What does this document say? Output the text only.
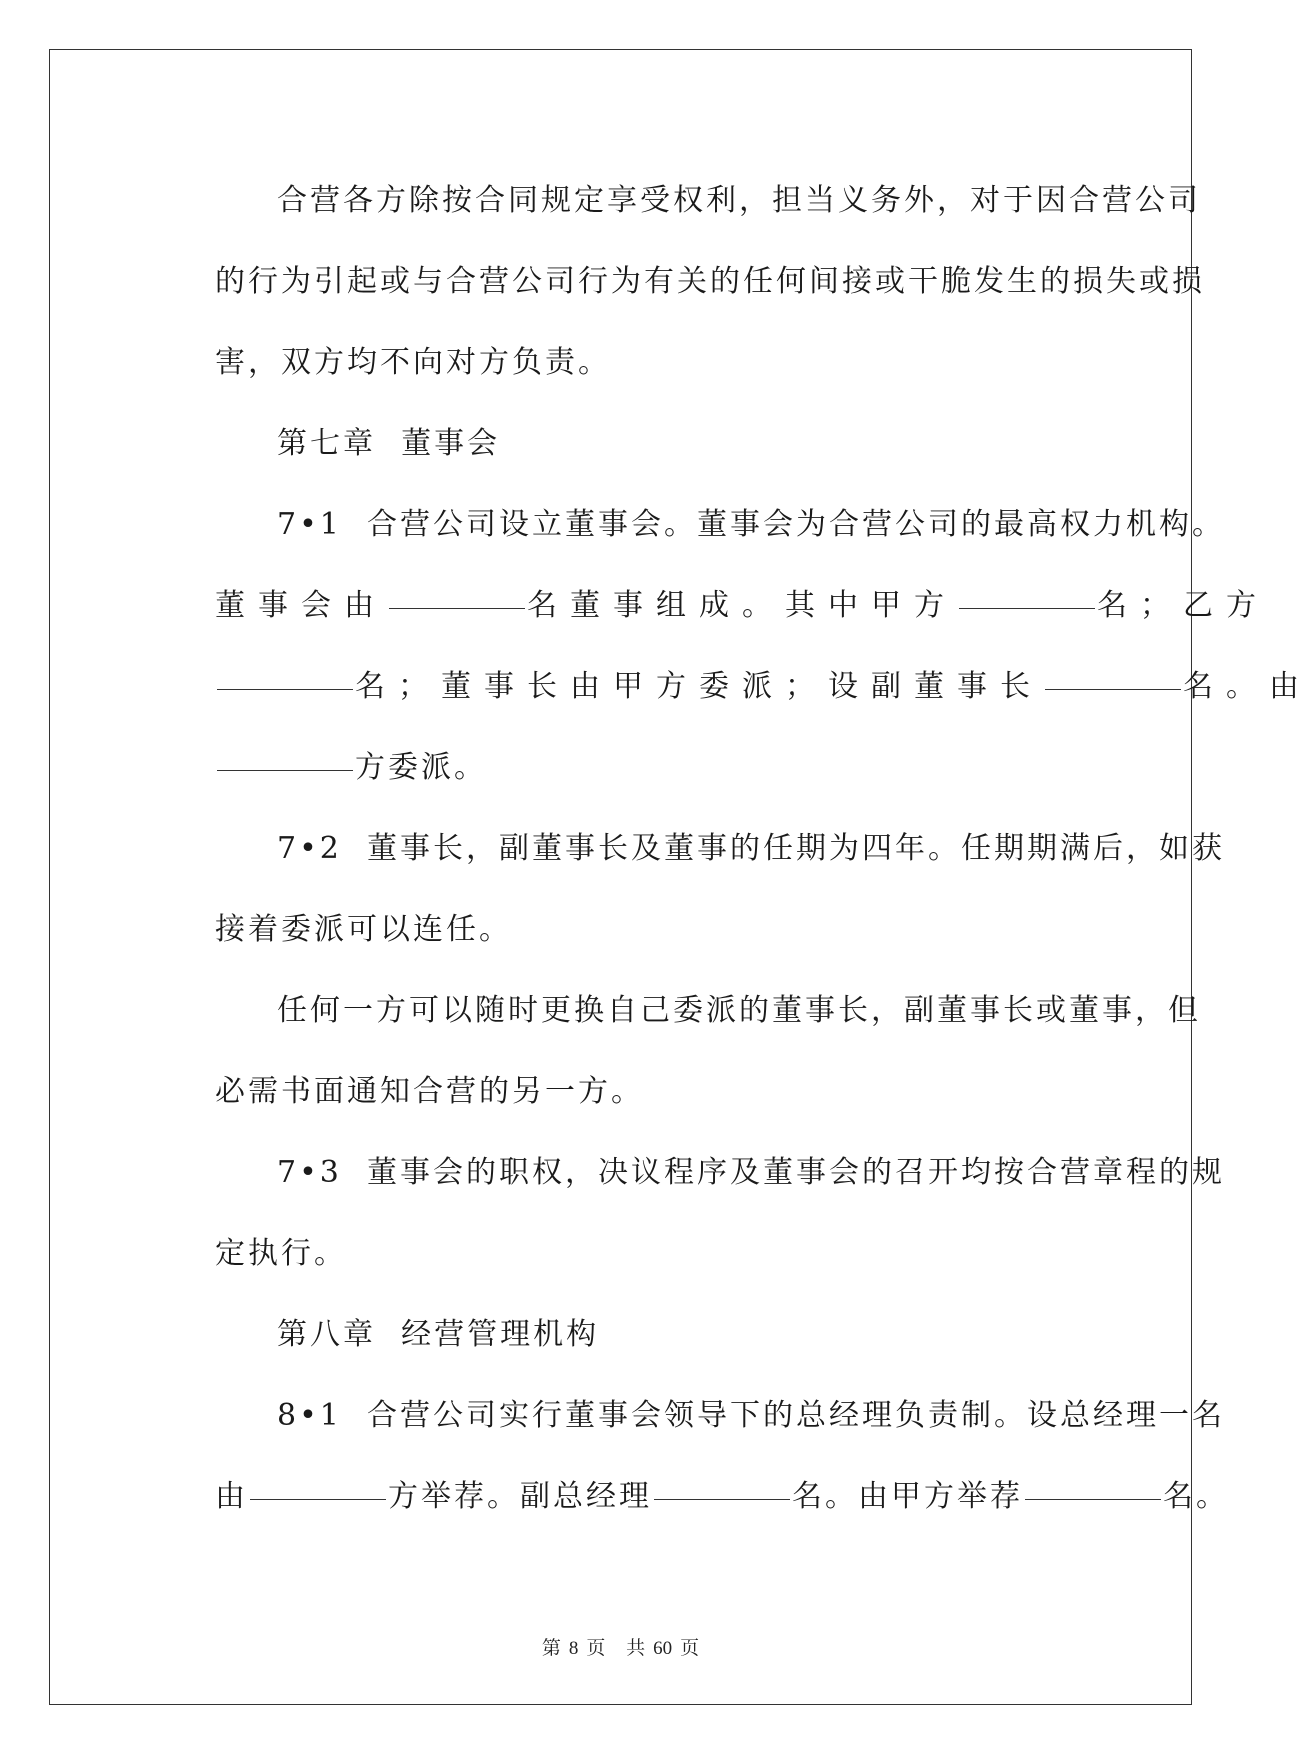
合营各方除按合同规定享受权利，担当义务外，对于因合营公司
的行为引起或与合营公司行为有关的任何间接或干脆发生的损失或损
害，双方均不向对方负责。
第七章  董事会
7•1  合营公司设立董事会。董事会为合营公司的最高权力机构。
董事会由	名董事组成。其中甲方	名；乙方
名；董事长由甲方委派；设副董事长	名。由
方委派。
7•2  董事长，副董事长及董事的任期为四年。任期期满后，如获
接着委派可以连任。
任何一方可以随时更换自己委派的董事长，副董事长或董事，但
必需书面通知合营的另一方。
7•3  董事会的职权，决议程序及董事会的召开均按合营章程的规
定执行。
第八章  经营管理机构
8•1  合营公司实行董事会领导下的总经理负责制。设总经理一名
由	方举荐。副总经理	名。由甲方举荐	名。
第 8 页 共 60 页
